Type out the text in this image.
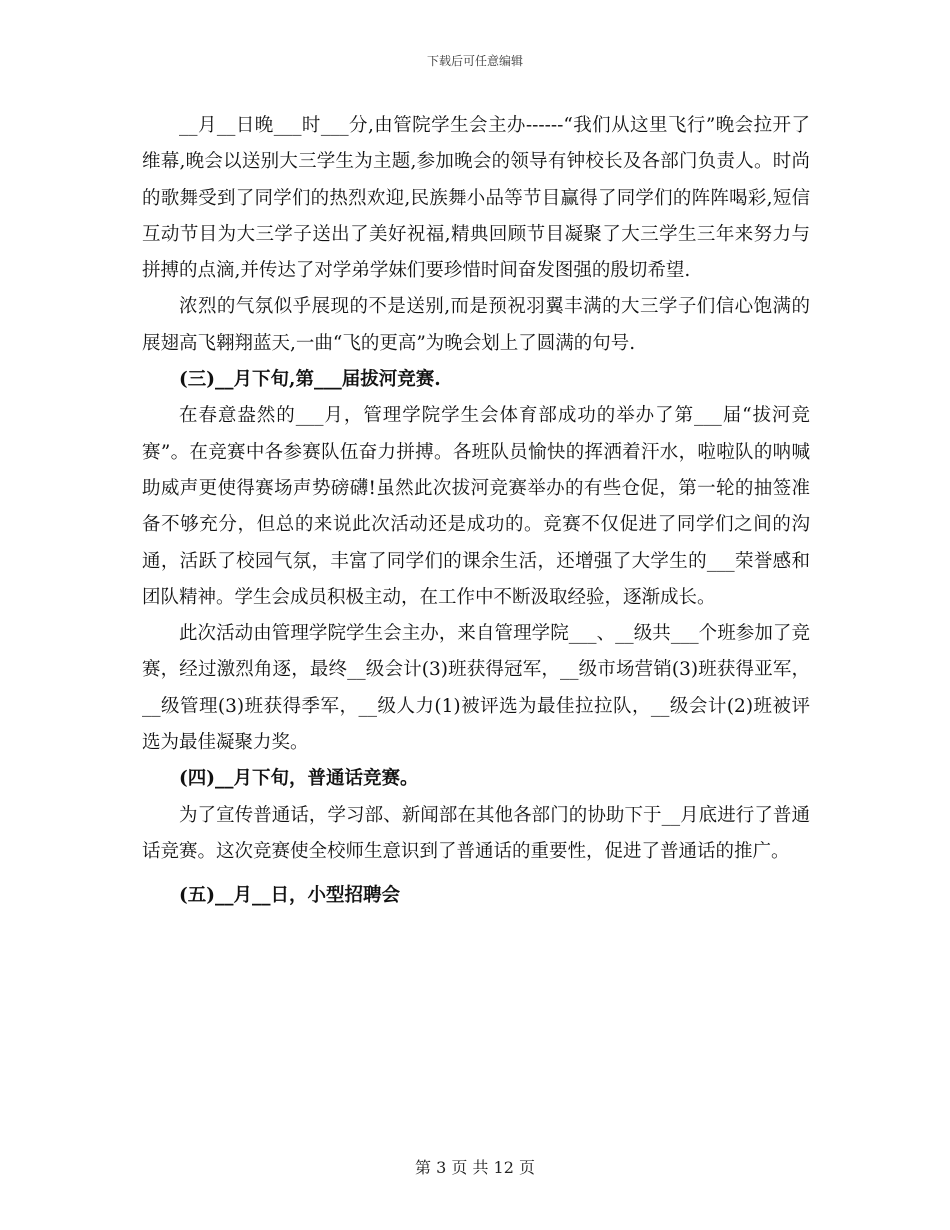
下载后可任意编辑

__月__日晚___时___分,由管院学生会主办------“我们从这里飞行”晚会拉开了维幕,晚会以送别大三学生为主题,参加晚会的领导有钟校长及各部门负责人。时尚的歌舞受到了同学们的热烈欢迎,民族舞小品等节目赢得了同学们的阵阵喝彩,短信互动节目为大三学子送出了美好祝福,精典回顾节目凝聚了大三学生三年来努力与拼搏的点滴,并传达了对学弟学妹们要珍惜时间奋发图强的殷切希望.

浓烈的气氛似乎展现的不是送别,而是预祝羽翼丰满的大三学子们信心饱满的展翅高飞翱翔蓝天,一曲“飞的更高”为晚会划上了圆满的句号.

(三)__月下旬,第___届拔河竞赛.

在春意盎然的___月，管理学院学生会体育部成功的举办了第___届“拔河竞赛”。在竞赛中各参赛队伍奋力拼搏。各班队员愉快的挥洒着汗水，啦啦队的呐喊助威声更使得赛场声势磅礴!虽然此次拔河竞赛举办的有些仓促，第一轮的抽签准备不够充分，但总的来说此次活动还是成功的。竞赛不仅促进了同学们之间的沟通，活跃了校园气氛，丰富了同学们的课余生活，还增强了大学生的___荣誉感和团队精神。学生会成员积极主动，在工作中不断汲取经验，逐渐成长。

此次活动由管理学院学生会主办，来自管理学院___、__级共___个班参加了竞赛，经过激烈角逐，最终__级会计(3)班获得冠军，__级市场营销(3)班获得亚军，__级管理(3)班获得季军，__级人力(1)被评选为最佳拉拉队，__级会计(2)班被评选为最佳凝聚力奖。

(四)__月下旬，普通话竞赛。

为了宣传普通话，学习部、新闻部在其他各部门的协助下于__月底进行了普通话竞赛。这次竞赛使全校师生意识到了普通话的重要性，促进了普通话的推广。

(五)__月__日，小型招聘会

第 3 页 共 12 页
